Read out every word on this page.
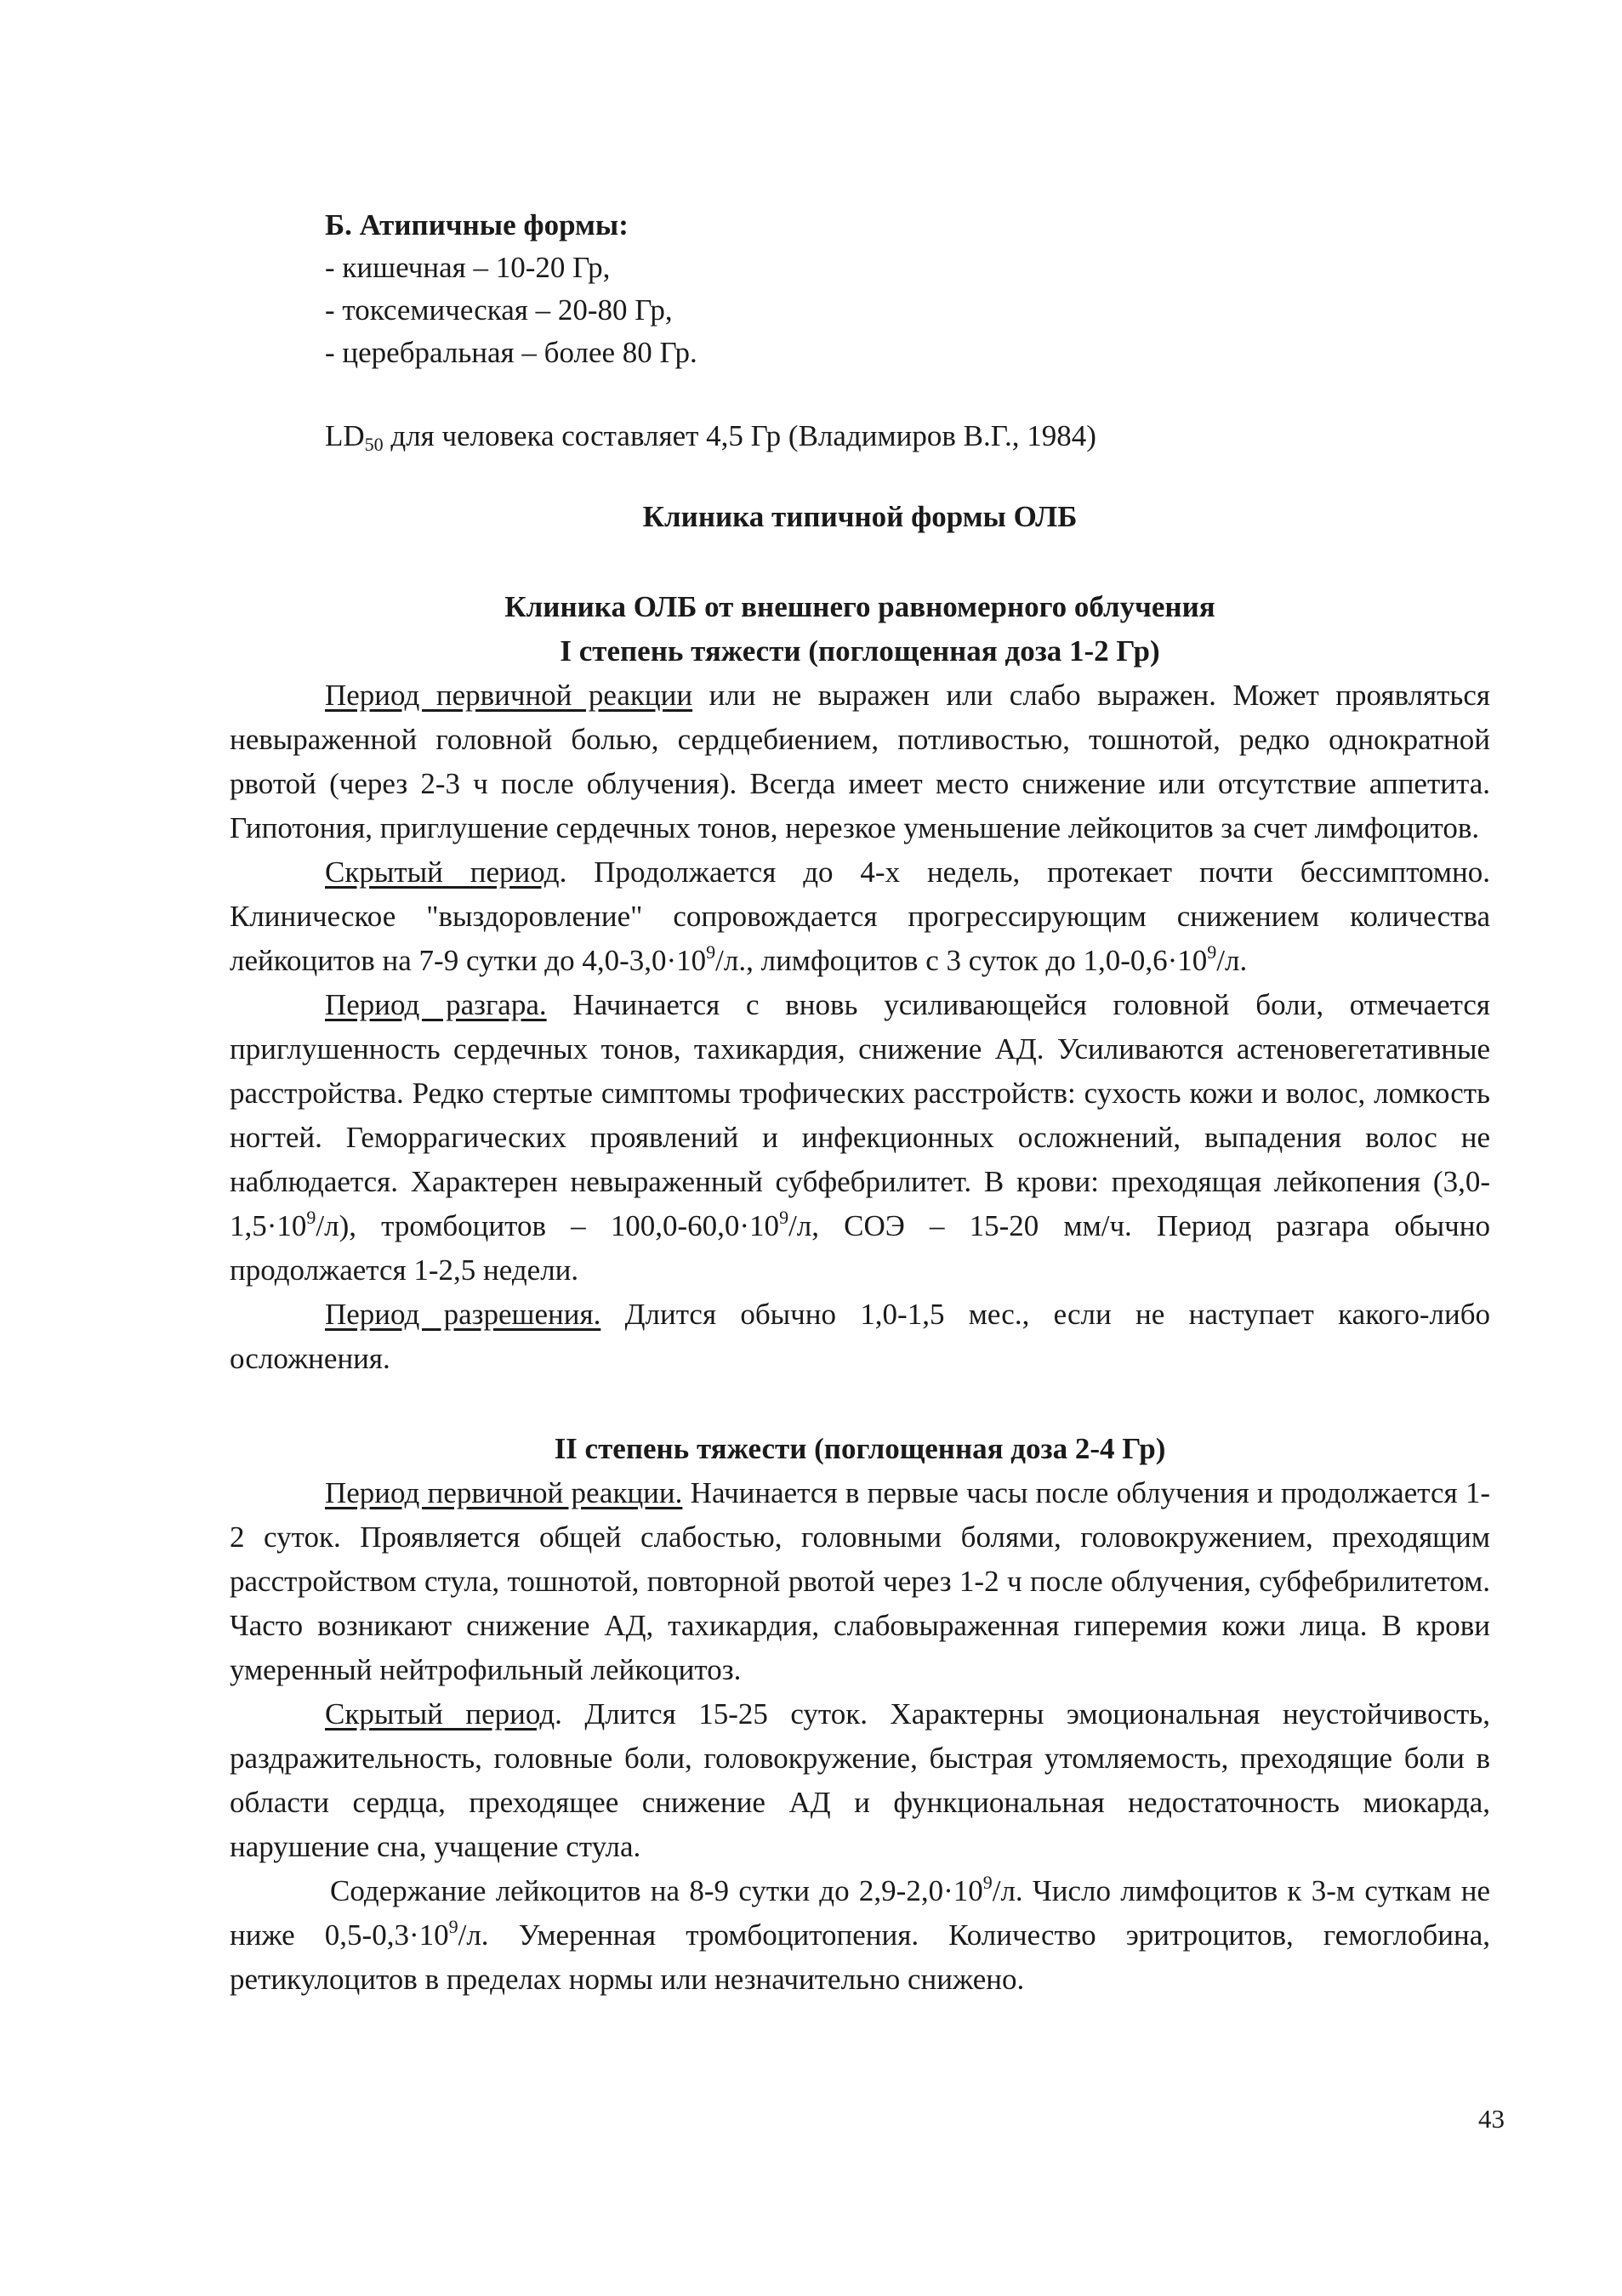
Б. Атипичные формы:

- кишечная – 10-20 Гр,

- токсемическая – 20-80 Гр,

- церебральная – более 80 Гр.

$LD_{50}$ для человека составляет 4,5 Гр (Владимиров В.Г., 1984)

Клиника типичной формы ОЛБ

Клиника ОЛБ от внешнего равномерного облучения

I степень тяжести (поглощенная доза 1-2 Гр)

Период первичной реакции или не выражен или слабо выражен. Может проявляться невыраженной головной болью, сердцебиением, потливостью, тошнотой, редко однократной рвотой (через 2-3 ч после облучения). Всегда имеет место снижение или отсутствие аппетита. Гипотония, приглушение сердечных тонов, нерезкое уменьшение лейкоцитов за счет лимфоцитов.

Скрытый период. Продолжается до 4-х недель, протекает почти бессимптомно. Клиническое "выздоровление" сопровождается прогрессирующим снижением количества лейкоцитов на 7-9 сутки до $4,0-3,0\cdot 10^9/л$., лимфоцитов с 3 суток до $1,0-0,6\cdot 10^9/л$.

Период разгара. Начинается с вновь усиливающейся головной боли, отмечается приглушенность сердечных тонов, тахикардия, снижение АД. Усиливаются астеновегетативные расстройства. Редко стертые симптомы трофических расстройств: сухость кожи и волос, ломкость ногтей. Геморрагических проявлений и инфекционных осложнений, выпадения волос не наблюдается. Характерен невыраженный субфебрилитет. В крови: преходящая лейкопения $(3,0-1,5\cdot 10^9/л)$, тромбоцитов – $100,0-60,0\cdot 10^9/л$, СОЭ – 15-20 мм/ч. Период разгара обычно продолжается 1-2,5 недели.

Период разрешения. Длится обычно 1,0-1,5 мес., если не наступает какого-либо осложнения.

II степень тяжести (поглощенная доза 2-4 Гр)

Период первичной реакции. Начинается в первые часы после облучения и продолжается 1-2 суток. Проявляется общей слабостью, головными болями, головокружением, преходящим расстройством стула, тошнотой, повторной рвотой через 1-2 ч после облучения, субфебрилитетом. Часто возникают снижение АД, тахикардия, слабовыраженная гиперемия кожи лица. В крови умеренный нейтрофильный лейкоцитоз.

Скрытый период. Длится 15-25 суток. Характерны эмоциональная неустойчивость, раздражительность, головные боли, головокружение, быстрая утомляемость, преходящие боли в области сердца, преходящее снижение АД и функциональная недостаточность миокарда, нарушение сна, учащение стула.

Содержание лейкоцитов на 8-9 сутки до $2,9-2,0\cdot 10^9/л$. Число лимфоцитов к 3-м суткам не ниже $0,5-0,3\cdot 10^9/л$. Умеренная тромбоцитопения. Количество эритроцитов, гемоглобина, ретикулоцитов в пределах нормы или незначительно снижено.

43
